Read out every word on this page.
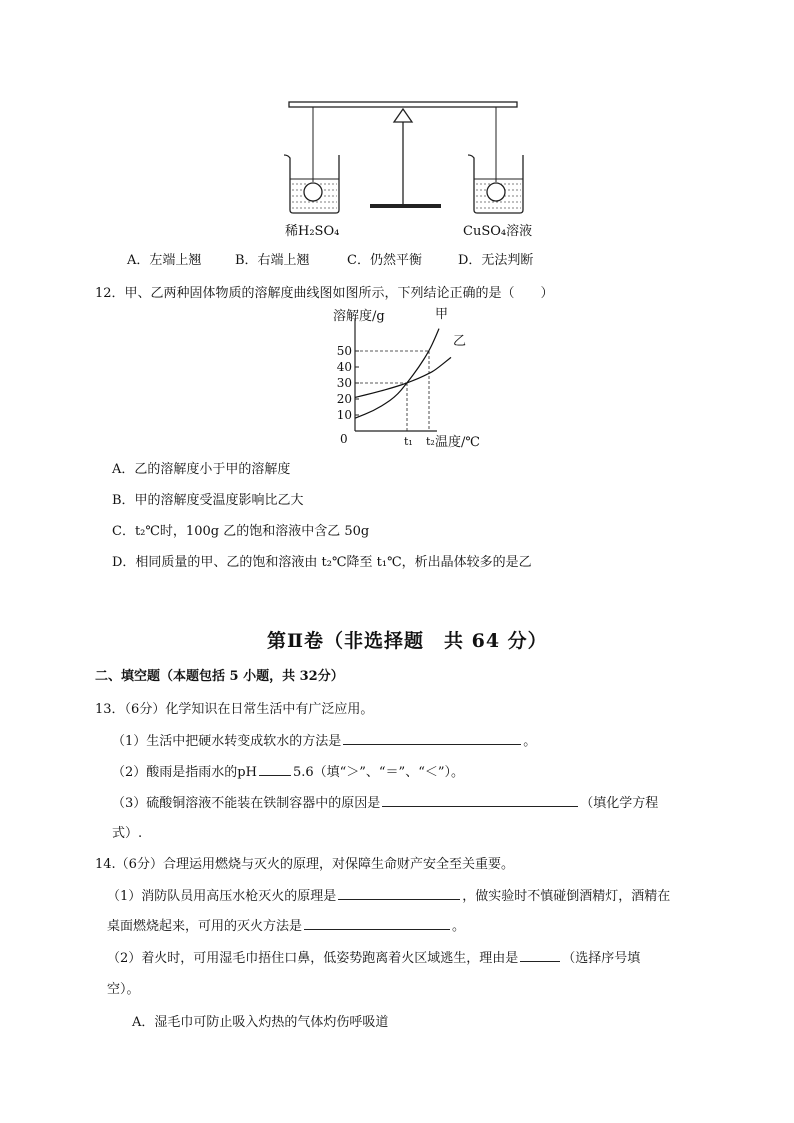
稀H₂SO₄	CuSO₄溶液
A．左端上翘	B．右端上翘	C．仍然平衡	D．无法判断
12．甲、乙两种固体物质的溶解度曲线图如图所示，下列结论正确的是（　　）
溶解度/g	甲
乙
0	温度/℃
50
40
30
20
10
t₁ t₂
A．乙的溶解度小于甲的溶解度
B．甲的溶解度受温度影响比乙大
C．t₂℃时，100g 乙的饱和溶液中含乙 50g
D．相同质量的甲、乙的饱和溶液由 t₂℃降至 t₁℃，析出晶体较多的是乙
第Ⅱ卷（非选择题　共 64 分）
二、填空题（本题包括 5 小题，共 32分）
13．（6分）化学知识在日常生活中有广泛应用。
（1）生活中把硬水转变成软水的方法是	。
（2）酸雨是指雨水的pH	5.6（填“＞”、“＝”、“＜”）。
（3）硫酸铜溶液不能装在铁制容器中的原因是	（填化学方程
式）.
14.（6分）合理运用燃烧与灭火的原理，对保障生命财产安全至关重要。
（1）消防队员用高压水枪灭火的原理是	，做实验时不慎碰倒酒精灯，酒精在
桌面燃烧起来，可用的灭火方法是	。
（2）着火时，可用湿毛巾捂住口鼻，低姿势跑离着火区域逃生，理由是	（选择序号填
空）。
A．湿毛巾可防止吸入灼热的气体灼伤呼吸道
